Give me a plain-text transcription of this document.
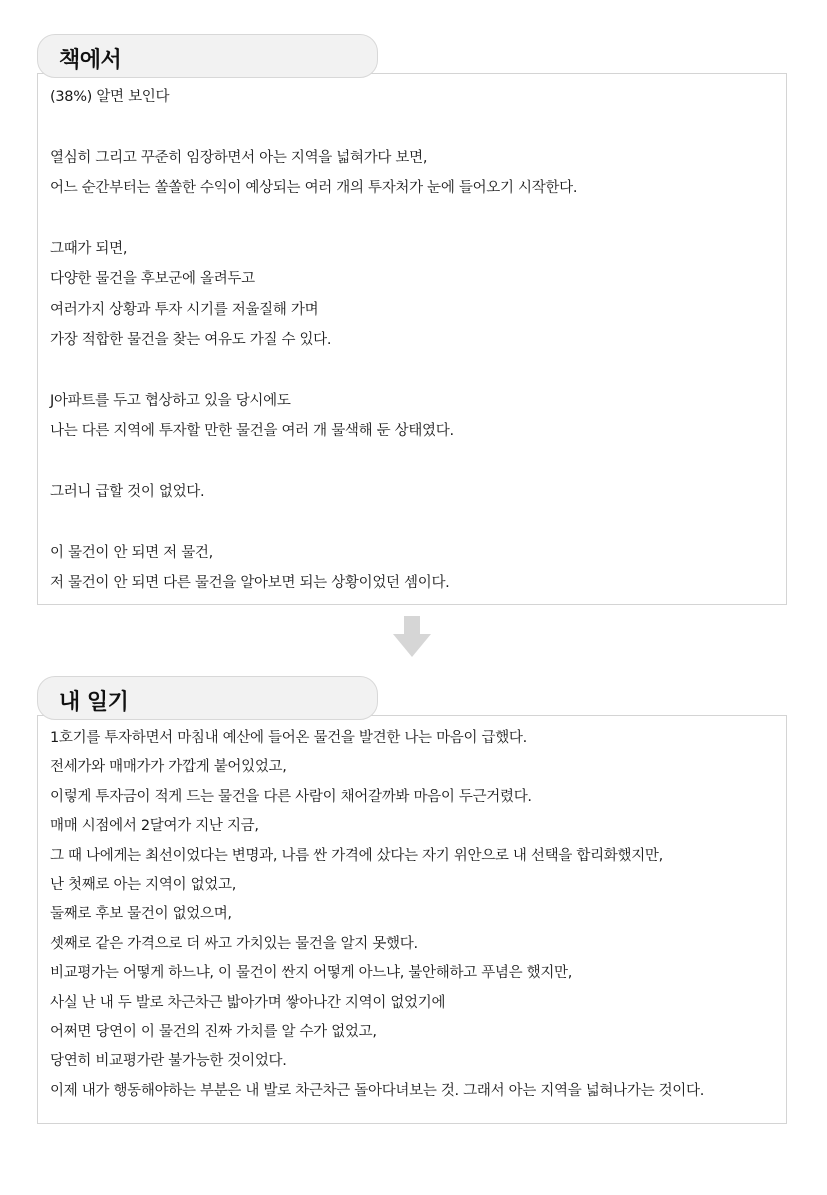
책에서
(38%) 알면 보인다
열심히 그리고 꾸준히 임장하면서 아는 지역을 넓혀가다 보면,
어느 순간부터는 쏠쏠한 수익이 예상되는 여러 개의 투자처가 눈에 들어오기 시작한다.
그때가 되면,
다양한 물건을 후보군에 올려두고
여러가지 상황과 투자 시기를 저울질해 가며
가장 적합한 물건을 찾는 여유도 가질 수 있다.
J아파트를 두고 협상하고 있을 당시에도
나는 다른 지역에 투자할 만한 물건을 여러 개 물색해 둔 상태였다.
그러니 급할 것이 없었다.
이 물건이 안 되면 저 물건,
저 물건이 안 되면 다른 물건을 알아보면 되는 상황이었던 셈이다.
내 일기
1호기를 투자하면서 마침내 예산에 들어온 물건을 발견한 나는 마음이 급했다.
전세가와 매매가가 가깝게 붙어있었고,
이렇게 투자금이 적게 드는 물건을 다른 사람이 채어갈까봐 마음이 두근거렸다.
매매 시점에서 2달여가 지난 지금,
그 때 나에게는 최선이었다는 변명과, 나름 싼 가격에 샀다는 자기 위안으로 내 선택을 합리화했지만,
난 첫째로 아는 지역이 없었고,
둘째로 후보 물건이 없었으며,
셋째로 같은 가격으로 더 싸고 가치있는 물건을 알지 못했다.
비교평가는 어떻게 하느냐, 이 물건이 싼지 어떻게 아느냐, 불안해하고 푸념은 했지만,
사실 난 내 두 발로 차근차근 밟아가며 쌓아나간 지역이 없었기에
어쩌면 당연이 이 물건의 진짜 가치를 알 수가 없었고,
당연히 비교평가란 불가능한 것이었다.
이제 내가 행동해야하는 부분은 내 발로 차근차근 돌아다녀보는 것. 그래서 아는 지역을 넓혀나가는 것이다.
